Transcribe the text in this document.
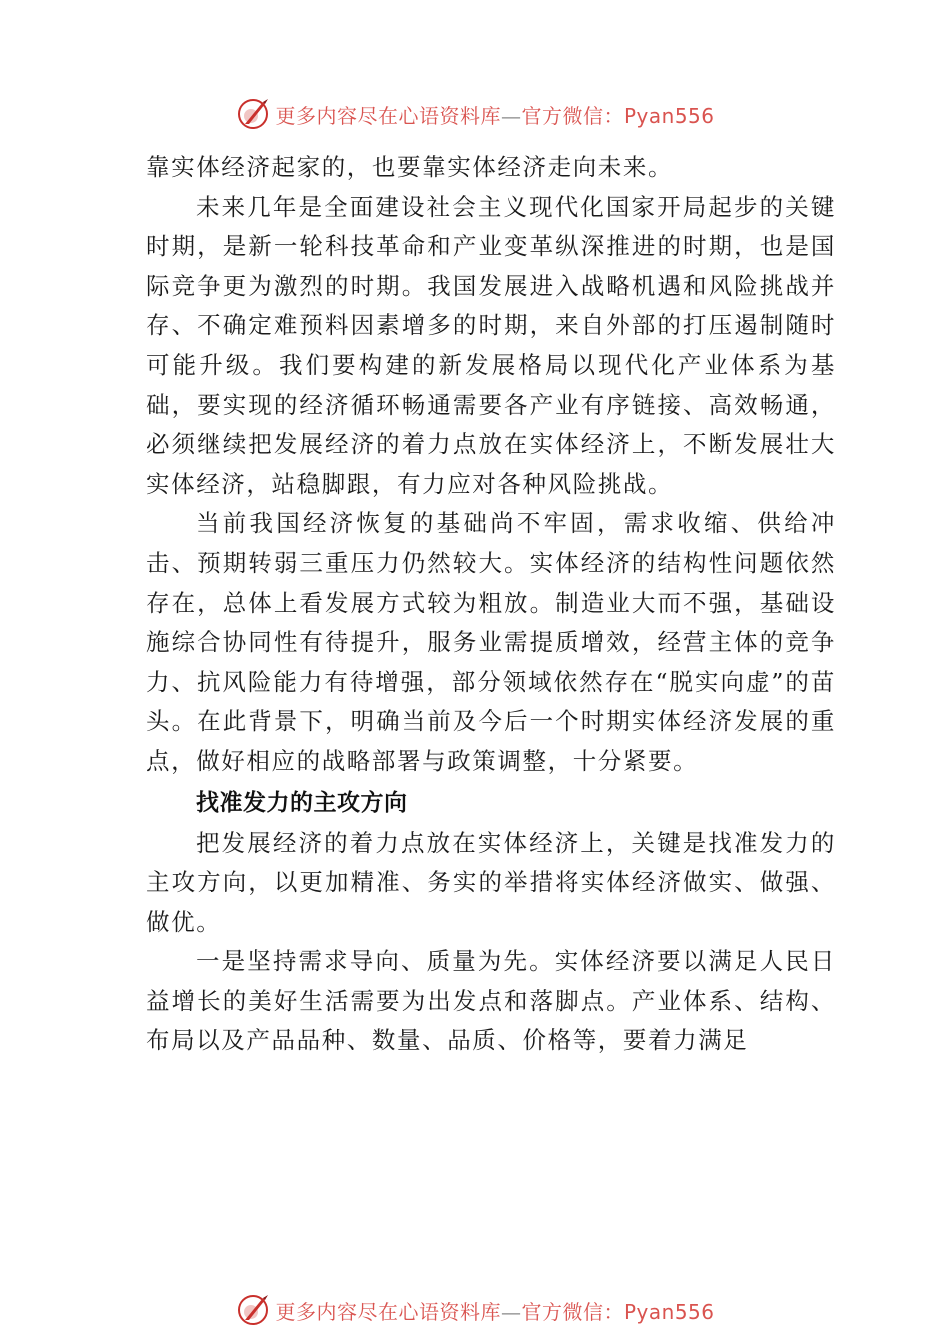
更多内容尽在心语资料库—官方微信：Pyan556

靠实体经济起家的，也要靠实体经济走向未来。

未来几年是全面建设社会主义现代化国家开局起步的关键时期，是新一轮科技革命和产业变革纵深推进的时期，也是国际竞争更为激烈的时期。我国发展进入战略机遇和风险挑战并存、不确定难预料因素增多的时期，来自外部的打压遏制随时可能升级。我们要构建的新发展格局以现代化产业体系为基础，要实现的经济循环畅通需要各产业有序链接、高效畅通，必须继续把发展经济的着力点放在实体经济上，不断发展壮大实体经济，站稳脚跟，有力应对各种风险挑战。

当前我国经济恢复的基础尚不牢固，需求收缩、供给冲击、预期转弱三重压力仍然较大。实体经济的结构性问题依然存在，总体上看发展方式较为粗放。制造业大而不强，基础设施综合协同性有待提升，服务业需提质增效，经营主体的竞争力、抗风险能力有待增强，部分领域依然存在“脱实向虚”的苗头。在此背景下，明确当前及今后一个时期实体经济发展的重点，做好相应的战略部署与政策调整，十分紧要。

找准发力的主攻方向

把发展经济的着力点放在实体经济上，关键是找准发力的主攻方向，以更加精准、务实的举措将实体经济做实、做强、做优。

一是坚持需求导向、质量为先。实体经济要以满足人民日益增长的美好生活需要为出发点和落脚点。产业体系、结构、布局以及产品品种、数量、品质、价格等，要着力满足

更多内容尽在心语资料库—官方微信：Pyan556
